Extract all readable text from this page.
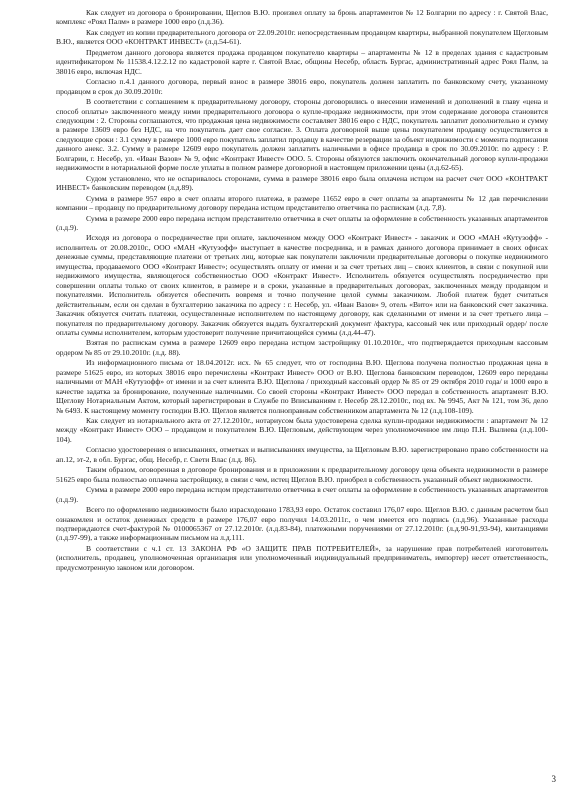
Как следует из договора о бронировании, Щеглов В.Ю. произвел оплату за бронь апартаментов № 12 Болгарии по адресу : г. Святой Влас, комплекс «Роял Палм» в размере 1000 евро (л.д.36).

Как следует из копии предварительного договора от 22.09.2010г. непосредственным продавцом квартиры, выбранной покупателем Щегловым В.Ю., является ООО «КОНТРАКТ ИНВЕСТ» (л.д.54-61).

Предметом данного договора является продажа продавцом покупателю квартиры – апартаменты № 12 в пределах здания с кадастровым идентификатором № 11538.4.12.2.12 по кадастровой карте г. Святой Влас, общины Несебр, область Бургас, административный адрес Роял Палм, за 38016 евро, включая НДС.

Согласно п.4.1 данного договора, первый взнос в размере 38016 евро, покупатель должен заплатить по банковскому счету, указанному продавцом в срок до 30.09.2010г.

В соответствии с соглашением к предварительному договору, стороны договорились о внесении изменений и дополнений в главу «цена и способ оплаты» заключенного между ними предварительного договора о купле-продаже недвижимости, при этом содержание договора становится следующим : 2. Стороны соглашаются, что продажная цена недвижимости составляет 38016 евро с НДС, покупатель заплатит дополнительно и сумму в размере 13609 евро без НДС, на что покупатель дает свое согласие. 3. Оплата договорной выше цены покупателем продавцу осуществляется в следующие сроки : 3.1 сумму в размере 1000 евро покупатель заплатил продавцу в качестве резервации за объект недвижимости с момента подписания данного анекс. 3.2. Сумму в размере 12609 евро покупатель должен заплатить наличными в офисе продавца в срок по 30.09.2010г. по адресу : Р. Болгарии, г. Несебр, ул. «Иван Вазов» № 9, офис «Контракт Инвест» ООО. 5. Стороны обязуются заключить окончательный договор купли-продажи недвижимости в нотариальной форме после уплаты в полном размере договорной в настоящем приложении цены (л.д.62-65).

Судом установлено, что не оспаривалось сторонами, сумма в размере 38016 евро была оплачена истцом на расчет счет ООО «КОНТРАКТ ИНВЕСТ» банковским переводом (л.д.89).

Сумма в размере 957 евро в счет оплаты второго платежа, в размере 11652 евро в счет оплаты за апартаменты № 12 дав перечислении компании – продавцу по предварительному договору передана истцом представителю ответчика по распискам (л.д. 7,8).

Сумма в размере 2000 евро передана истцом представителю ответчика в счет оплаты за оформление в собственность указанных апартаментов (л.д.9).

Исходя из договора о посредничестве при оплате, заключенном между ООО «Контракт Инвест» - заказчик и ООО «МАН «Кутузофф» - исполнитель от 20.08.2010г., ООО «МАН «Кутузофф» выступает в качестве посредника, и в рамках данного договора принимает в своих офисах денежные суммы, представляющие платежи от третьих лиц, которые как покупатели заключили предварительные договоры о покупке недвижимого имущества, продаваемого ООО «Контракт Инвест»; осуществлять оплату от имени и за счет третьих лиц – своих клиентов, в связи с покупной или недвижимого имущества, являющегося собственностью ООО «Контракт Инвест». Исполнитель обязуется осуществлять посредничество при совершении оплаты только от своих клиентов, в размере и в сроки, указанные в предварительных договорах, заключенных между продавцом и покупателями. Исполнитель обязуется обеспечить вовремя и точно получение целой суммы заказчиком. Любой платеж будет считаться действительным, если он сделан в бухгалтерию заказчика по адресу : г. Несебр, ул. «Иван Вазов» 9, отель «Вито» или на банковский счет заказчика. Заказчик обязуется считать платежи, осуществленные исполнителем по настоящему договору, как сделанными от имени и за счет третьего лица – покупателя по предварительному договору. Заказчик обязуется выдать бухгалтерский документ /фактура, кассовый чек или приходный ордер/ после оплаты суммы исполнителем, которым удостоверит получение причитающейся суммы (л.д.44-47).

Взятая по распискам сумма в размере 12609 евро передана истцом застройщику 01.10.2010г., что подтверждается приходным кассовым ордером № 85 от 29.10.2010г. (л.д. 88).

Из информационного письма от 18.04.2012г. исх. № 65 следует, что от господина В.Ю. Щеглова получена полностью продажная цена в размере 51625 евро, из которых 38016 евро перечислены «Контракт Инвест» ООО от В.Ю. Щеглова банковским переводом, 12609 евро переданы наличными от МАН «Кутузофф» от имени и за счет клиента В.Ю. Щеглова / приходный кассовый ордер № 85 от 29 октября 2010 года/ и 1000 евро в качестве задатка за бронирование, полученные наличными. Со своей стороны «Контракт Инвест» ООО передал в собственность апартамент В.Ю. Щеглову Нотариальным Актом, который зарегистрирован в Службе по Вписываниям г. Несебр 28.12.2010г., под вх. № 9945, Акт № 121, том 36, дело № 6493. К настоящему моменту господин В.Ю. Щеглов является полноправным собственником апартамента № 12 (л.д.108-109).

Как следует из нотариального акта от 27.12.2010г., нотариусом была удостоверена сделка купли-продажи недвижимости : апартамент № 12 между «Контракт Инвест» ООО – продавцом и покупателем В.Ю. Щегловым, действующем через уполномоченное им лицо П.Н. Вылиева (л.д.100-104).

Согласно удостоверения о вписываниях, отметках и выписываниях имущества, за Щегловым В.Ю. зарегистрировано право собственности на ап.12, эт-2, в обл. Бургас, общ. Несебр, г. Свети Влас (л.д. 86).

Таким образом, оговоренная в договоре бронирования и в приложении к предварительному договору цена объекта недвижимости в размере 51625 евро была полностью оплачена застройщику, в связи с чем, истец Щеглов В.Ю. приобрел в собственность указанный объект недвижимости.

Сумма в размере 2000 евро передана истцом представителю ответчика в счет оплаты за оформление в собственность указанных апартаментов (л.д.9).

Всего по оформлению недвижимости было израсходовано 1783,93 евро. Остаток составил 176,07 евро. Щеглов В.Ю. с данным расчетом был ознакомлен и остаток денежных средств в размере 176,07 евро получил 14.03.2011г., о чем имеется его подпись (л.д.96). Указанные расходы подтверждаются счет-фактурой № 0100065367 от 27.12.2010г. (л.д.83-84), платежными поручениями от 27.12.2010г. (л.д.90-91,93-94), квитанциями (л.д.97-99), а также информационным письмом на л.д.111.

В соответствии с ч.1 ст. 13 ЗАКОНА РФ «О ЗАЩИТЕ ПРАВ ПОТРЕБИТЕЛЕЙ», за нарушение прав потребителей изготовитель (исполнитель, продавец, уполномоченная организация или уполномоченный индивидуальный предприниматель, импортер) несет ответственность, предусмотренную законом или договором.

3
